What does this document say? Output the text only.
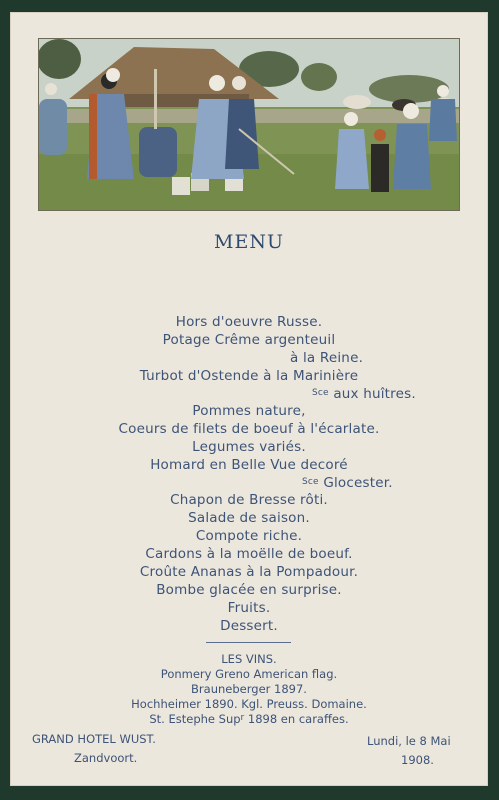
MENU
Hors d'oeuvre Russe.
Potage Crême argenteuil
à la Reine.
Turbot d'Ostende à la Marinière
$^{Sce}$ aux huîtres.
Pommes nature,
Coeurs de filets de boeuf à l'écarlate.
Legumes variés.
Homard en Belle Vue decoré
$^{Sce}$ Glocester.
Chapon de Bresse rôti.
Salade de saison.
Compote riche.
Cardons à la moëlle de boeuf.
Croûte Ananas à la Pompadour.
Bombe glacée en surprise.
Fruits.
Dessert.
LES VINS.
Ponmery Greno American flag.
Brauneberger 1897.
Hochheimer 1890. Kgl. Preuss. Domaine.
St. Estephe Sup$^r$ 1898 en caraffes.
GRAND HOTEL WUST.
Zandvoort.
Lundi, le 8 Mai
1908.
